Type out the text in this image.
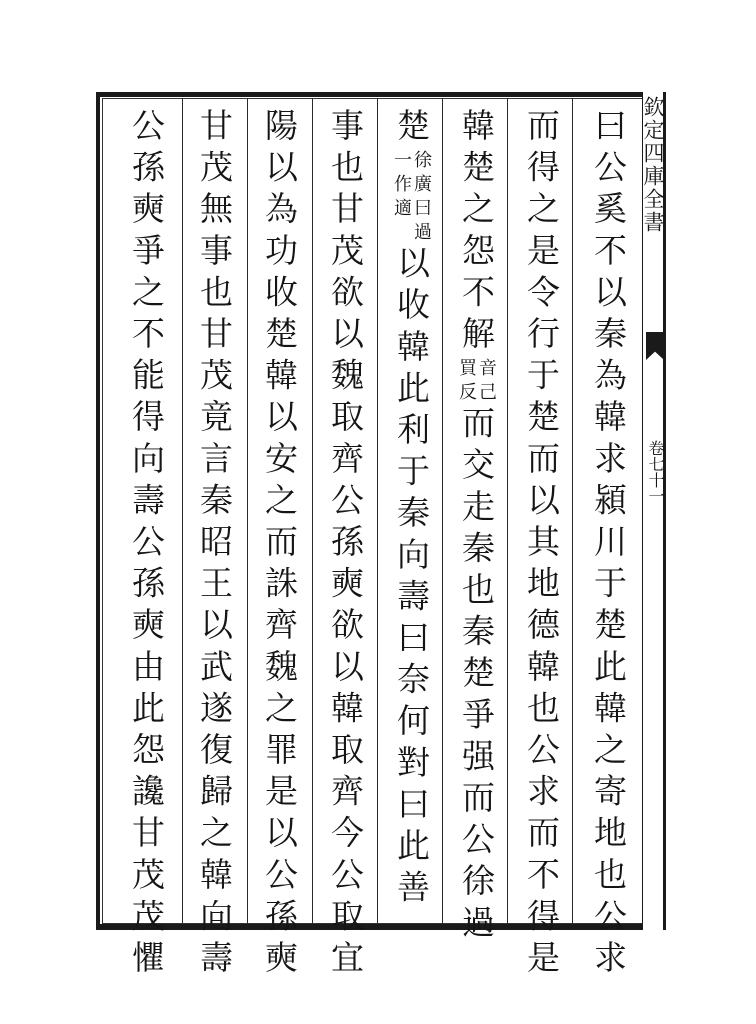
欽定四庫全書
卷七十一
曰公奚不以秦為韓求潁川于楚此韓之寄地也公求
而得之是令行于楚而以其地德韓也公求而不得是
韓楚之怨不解音己
買反而交走秦也秦楚爭强而公徐過
楚徐廣曰過
一作適以收韓此利于秦向壽曰奈何對曰此善
事也甘茂欲以魏取齊公孫奭欲以韓取齊今公取宜
陽以為功收楚韓以安之而誅齊魏之罪是以公孫奭
甘茂無事也甘茂竟言秦昭王以武遂復歸之韓向壽
公孫奭爭之不能得向壽公孫奭由此怨讒甘茂茂懼
